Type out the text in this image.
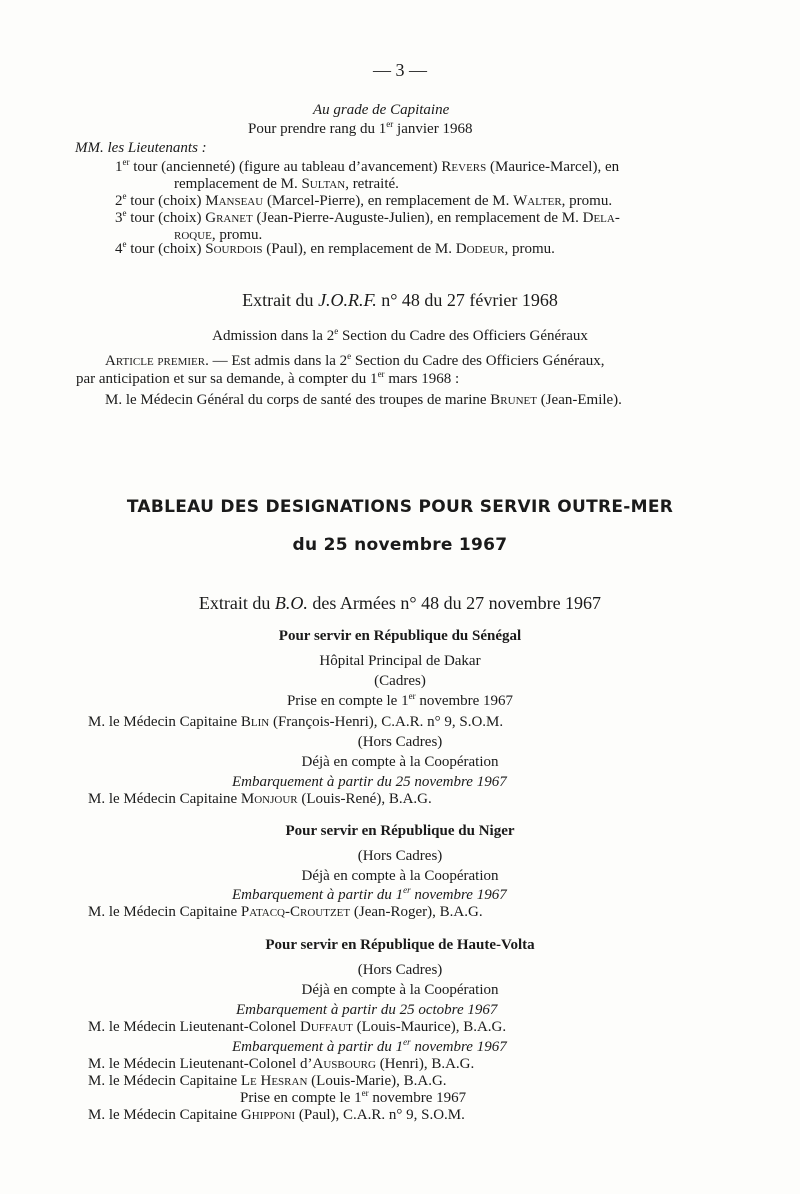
— 3 —
Au grade de Capitaine
Pour prendre rang du 1er janvier 1968
MM. les Lieutenants :
1er tour (ancienneté) (figure au tableau d’avancement) Revers (Maurice-Marcel), en
remplacement de M. Sultan, retraité.
2e tour (choix) Manseau (Marcel-Pierre), en remplacement de M. Walter, promu.
3e tour (choix) Granet (Jean-Pierre-Auguste-Julien), en remplacement de M. Dela-
roque, promu.
4e tour (choix) Sourdois (Paul), en remplacement de M. Dodeur, promu.
Extrait du J.O.R.F. n° 48 du 27 février 1968
Admission dans la 2e Section du Cadre des Officiers Généraux
Article premier. — Est admis dans la 2e Section du Cadre des Officiers Généraux,
par anticipation et sur sa demande, à compter du 1er mars 1968 :
M. le Médecin Général du corps de santé des troupes de marine Brunet (Jean-Emile).
TABLEAU DES DESIGNATIONS POUR SERVIR OUTRE-MER
du 25 novembre 1967
Extrait du B.O. des Armées n° 48 du 27 novembre 1967
Pour servir en République du Sénégal
Hôpital Principal de Dakar
(Cadres)
Prise en compte le 1er novembre 1967
M. le Médecin Capitaine Blin (François-Henri), C.A.R. n° 9, S.O.M.
(Hors Cadres)
Déjà en compte à la Coopération
Embarquement à partir du 25 novembre 1967
M. le Médecin Capitaine Monjour (Louis-René), B.A.G.
Pour servir en République du Niger
(Hors Cadres)
Déjà en compte à la Coopération
Embarquement à partir du 1er novembre 1967
M. le Médecin Capitaine Patacq-Croutzet (Jean-Roger), B.A.G.
Pour servir en République de Haute-Volta
(Hors Cadres)
Déjà en compte à la Coopération
Embarquement à partir du 25 octobre 1967
M. le Médecin Lieutenant-Colonel Duffaut (Louis-Maurice), B.A.G.
Embarquement à partir du 1er novembre 1967
M. le Médecin Lieutenant-Colonel d’Ausbourg (Henri), B.A.G.
M. le Médecin Capitaine Le Hesran (Louis-Marie), B.A.G.
Prise en compte le 1er novembre 1967
M. le Médecin Capitaine Ghipponi (Paul), C.A.R. n° 9, S.O.M.
